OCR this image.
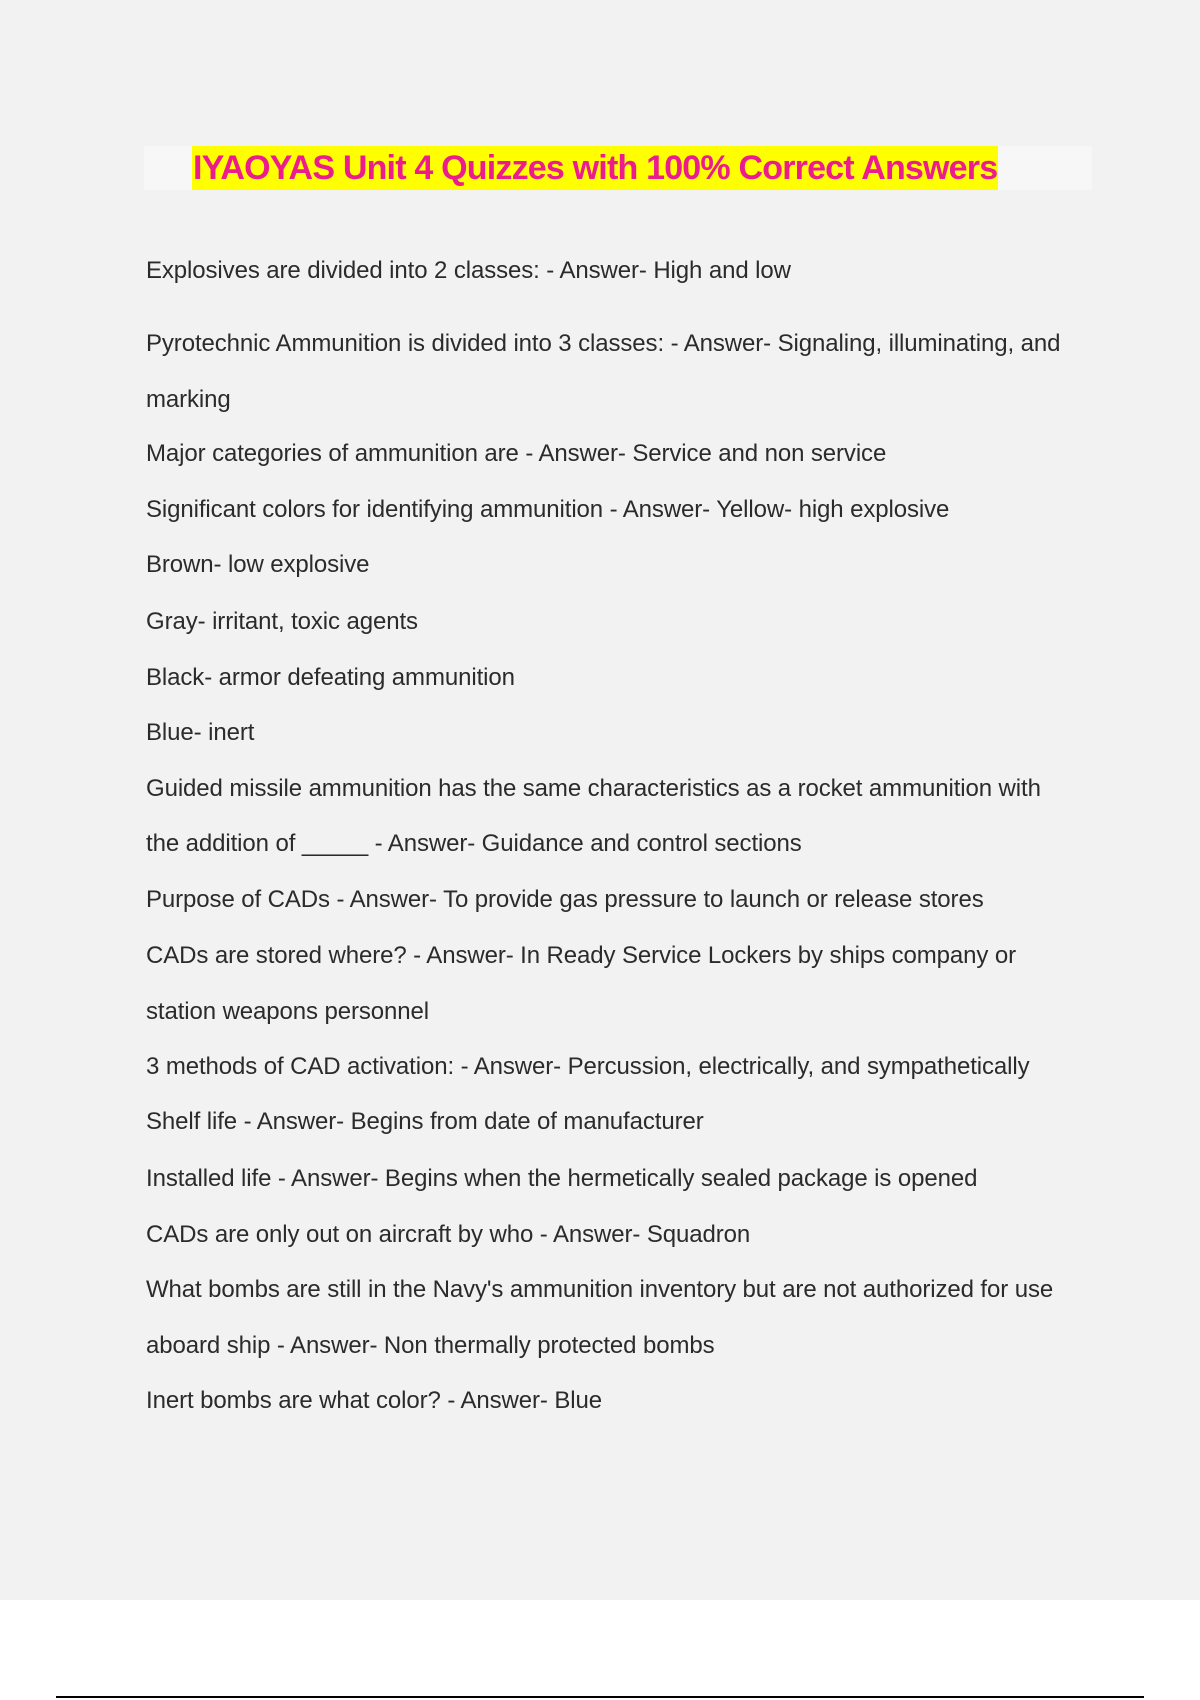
IYAOYAS Unit 4 Quizzes with 100% Correct Answers

Explosives are divided into 2 classes: - Answer- High and low

Pyrotechnic Ammunition is divided into 3 classes: - Answer- Signaling, illuminating, and

marking

Major categories of ammunition are - Answer- Service and non service

Significant colors for identifying ammunition - Answer- Yellow- high explosive

Brown- low explosive

Gray- irritant, toxic agents

Black- armor defeating ammunition

Blue- inert

Guided missile ammunition has the same characteristics as a rocket ammunition with

the addition of _____ - Answer- Guidance and control sections

Purpose of CADs - Answer- To provide gas pressure to launch or release stores

CADs are stored where? - Answer- In Ready Service Lockers by ships company or

station weapons personnel

3 methods of CAD activation: - Answer- Percussion, electrically, and sympathetically

Shelf life - Answer- Begins from date of manufacturer

Installed life - Answer- Begins when the hermetically sealed package is opened

CADs are only out on aircraft by who - Answer- Squadron

What bombs are still in the Navy's ammunition inventory but are not authorized for use

aboard ship - Answer- Non thermally protected bombs

Inert bombs are what color? - Answer- Blue
